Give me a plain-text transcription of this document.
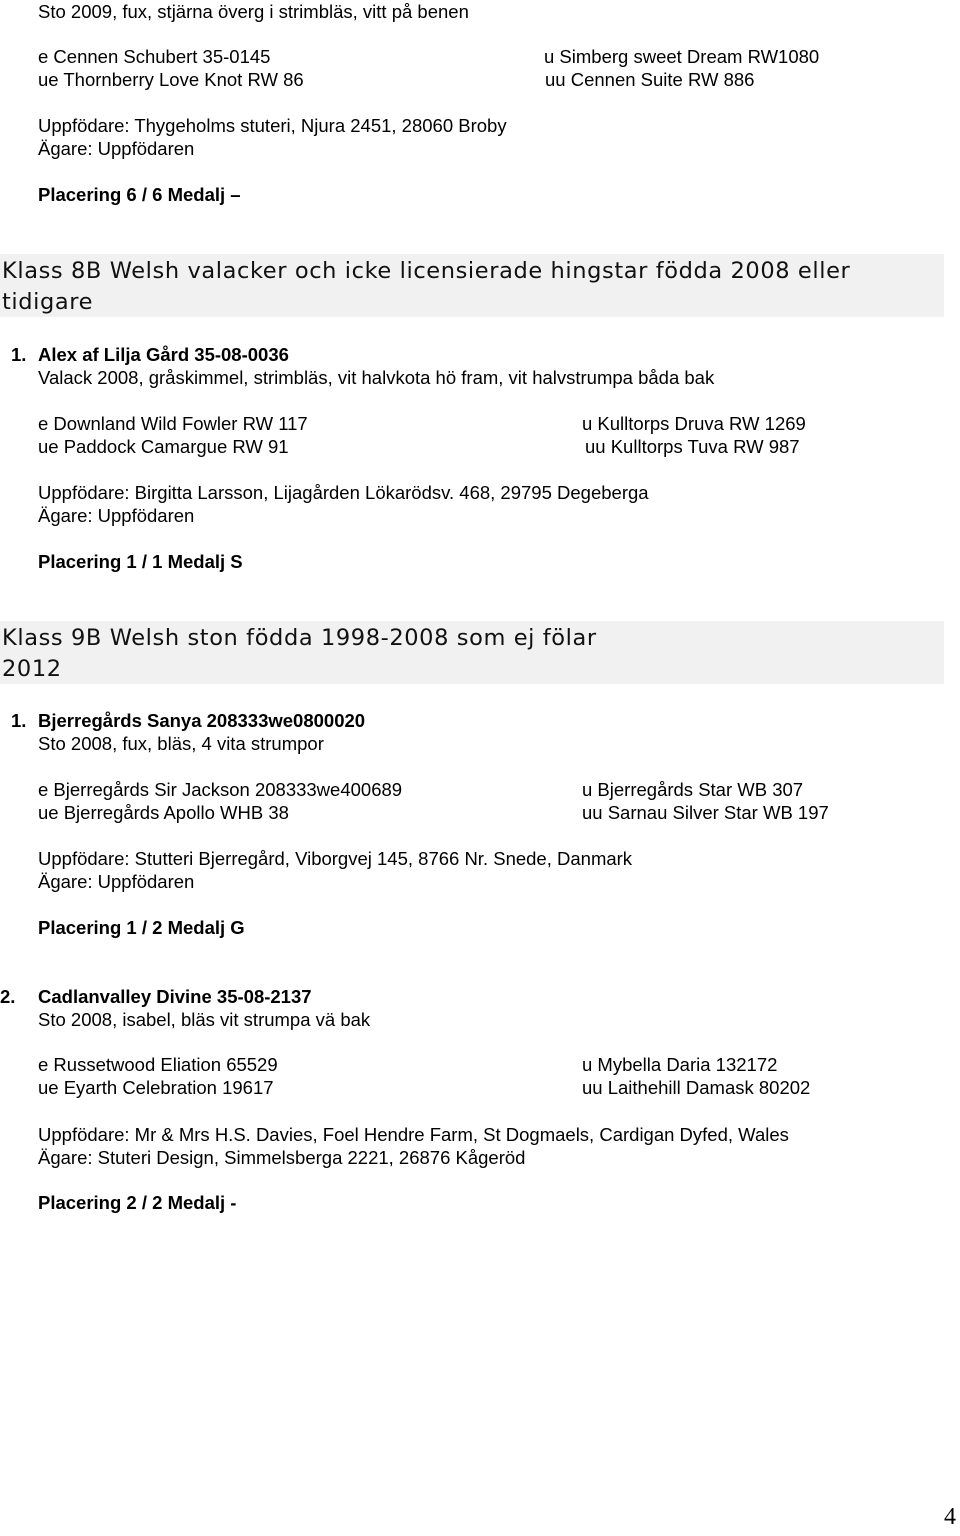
Sto 2009, fux, stjärna överg i strimbläs, vitt på benen
e Cennen Schubert 35-0145	u Simberg sweet Dream RW1080
ue Thornberry Love Knot RW 86	uu Cennen Suite RW 886
Uppfödare: Thygeholms stuteri, Njura 2451, 28060 Broby
Ägare: Uppfödaren
Placering 6 / 6 Medalj –
Klass 8B Welsh valacker och icke licensierade hingstar födda 2008 eller
tidigare
1. Alex af Lilja Gård 35-08-0036
Valack 2008, gråskimmel, strimbläs, vit halvkota hö fram, vit halvstrumpa båda bak
e Downland Wild Fowler RW 117	u Kulltorps Druva RW 1269
ue Paddock Camargue RW 91	uu Kulltorps Tuva RW 987
Uppfödare: Birgitta Larsson, Lijagården Lökarödsv. 468, 29795 Degeberga
Ägare: Uppfödaren
Placering 1 / 1 Medalj S
Klass 9B Welsh ston födda 1998-2008 som ej fölar
2012
1. Bjerregårds Sanya 208333we0800020
Sto 2008, fux, bläs, 4 vita strumpor
e Bjerregårds Sir Jackson 208333we400689	u Bjerregårds Star WB 307
ue Bjerregårds Apollo WHB 38	uu Sarnau Silver Star WB 197
Uppfödare: Stutteri Bjerregård, Viborgvej 145, 8766 Nr. Snede, Danmark
Ägare: Uppfödaren
Placering 1 / 2 Medalj G
2. Cadlanvalley Divine 35-08-2137
Sto 2008, isabel, bläs vit strumpa vä bak
e Russetwood Eliation 65529	u Mybella Daria 132172
ue Eyarth Celebration 19617	uu Laithehill Damask 80202
Uppfödare: Mr & Mrs H.S. Davies, Foel Hendre Farm, St Dogmaels, Cardigan Dyfed, Wales
Ägare: Stuteri Design, Simmelsberga 2221, 26876 Kågeröd
Placering 2 / 2 Medalj -
4
